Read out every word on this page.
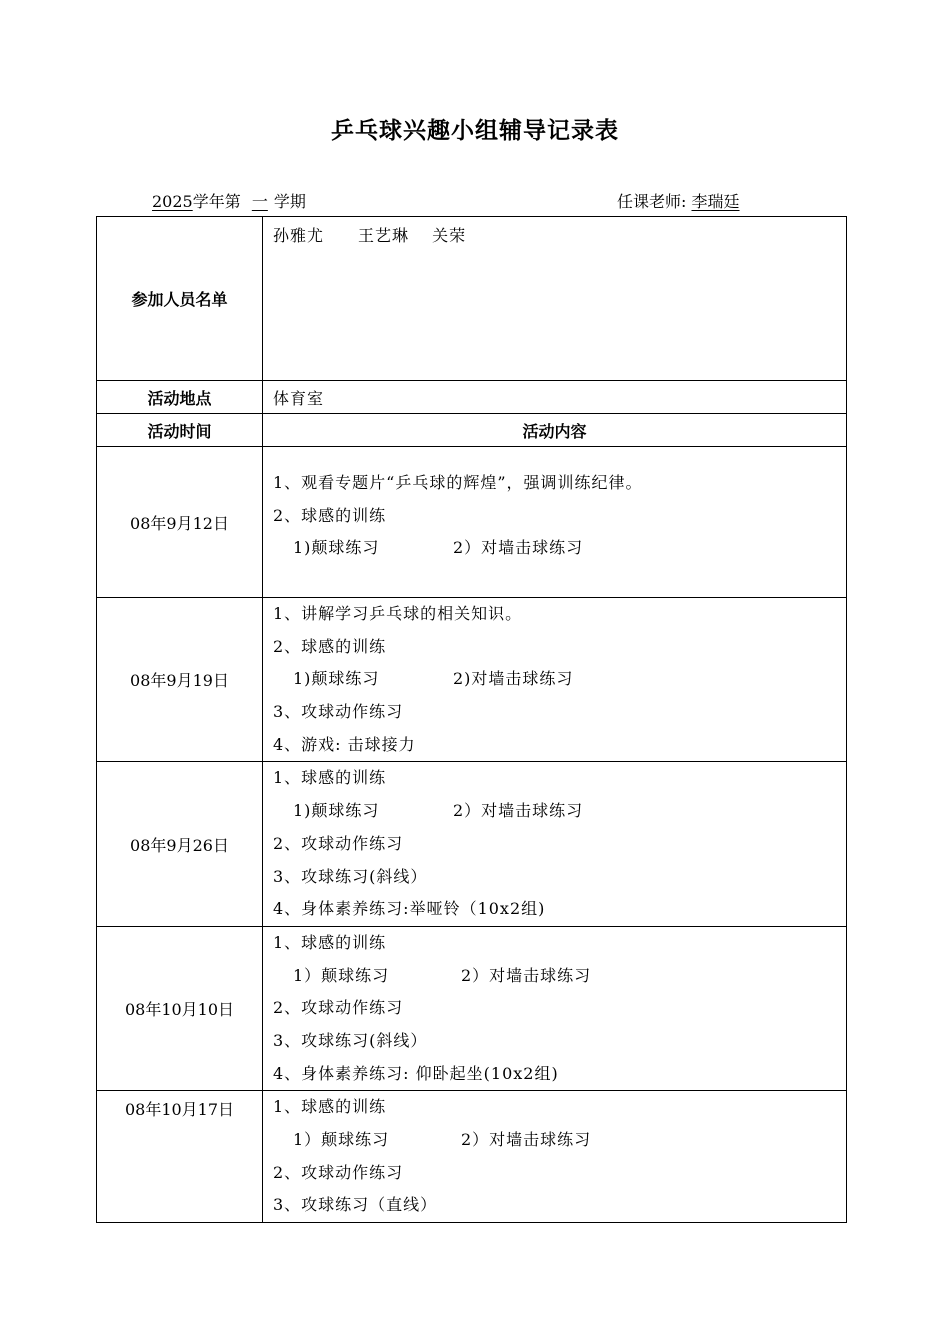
乒乓球兴趣小组辅导记录表
2025学年第 一 学期	任课老师: 李瑞廷
参加人员名单	孙雅尤　　王艺琳　 关荣
活动地点	体育室
活动时间	活动内容
08年9月12日	1、观看专题片“乒乓球的辉煌”，强调训练纪律。
2、球感的训练
1)颠球练习 2）对墙击球练习

08年9月19日	1、讲解学习乒乓球的相关知识。
2、球感的训练
1)颠球练习 2)对墙击球练习
3、攻球动作练习
4、游戏: 击球接力

08年9月26日	1、球感的训练
1)颠球练习 2）对墙击球练习
2、攻球动作练习
3、攻球练习(斜线）
4、身体素养练习:举哑铃（10x2组)

08年10月10日	1、球感的训练
1）颠球练习 2）对墙击球练习
2、攻球动作练习
3、攻球练习(斜线）
4、身体素养练习: 仰卧起坐(10x2组)

08年10月17日	1、球感的训练
1）颠球练习 2）对墙击球练习
2、攻球动作练习
3、攻球练习（直线）
